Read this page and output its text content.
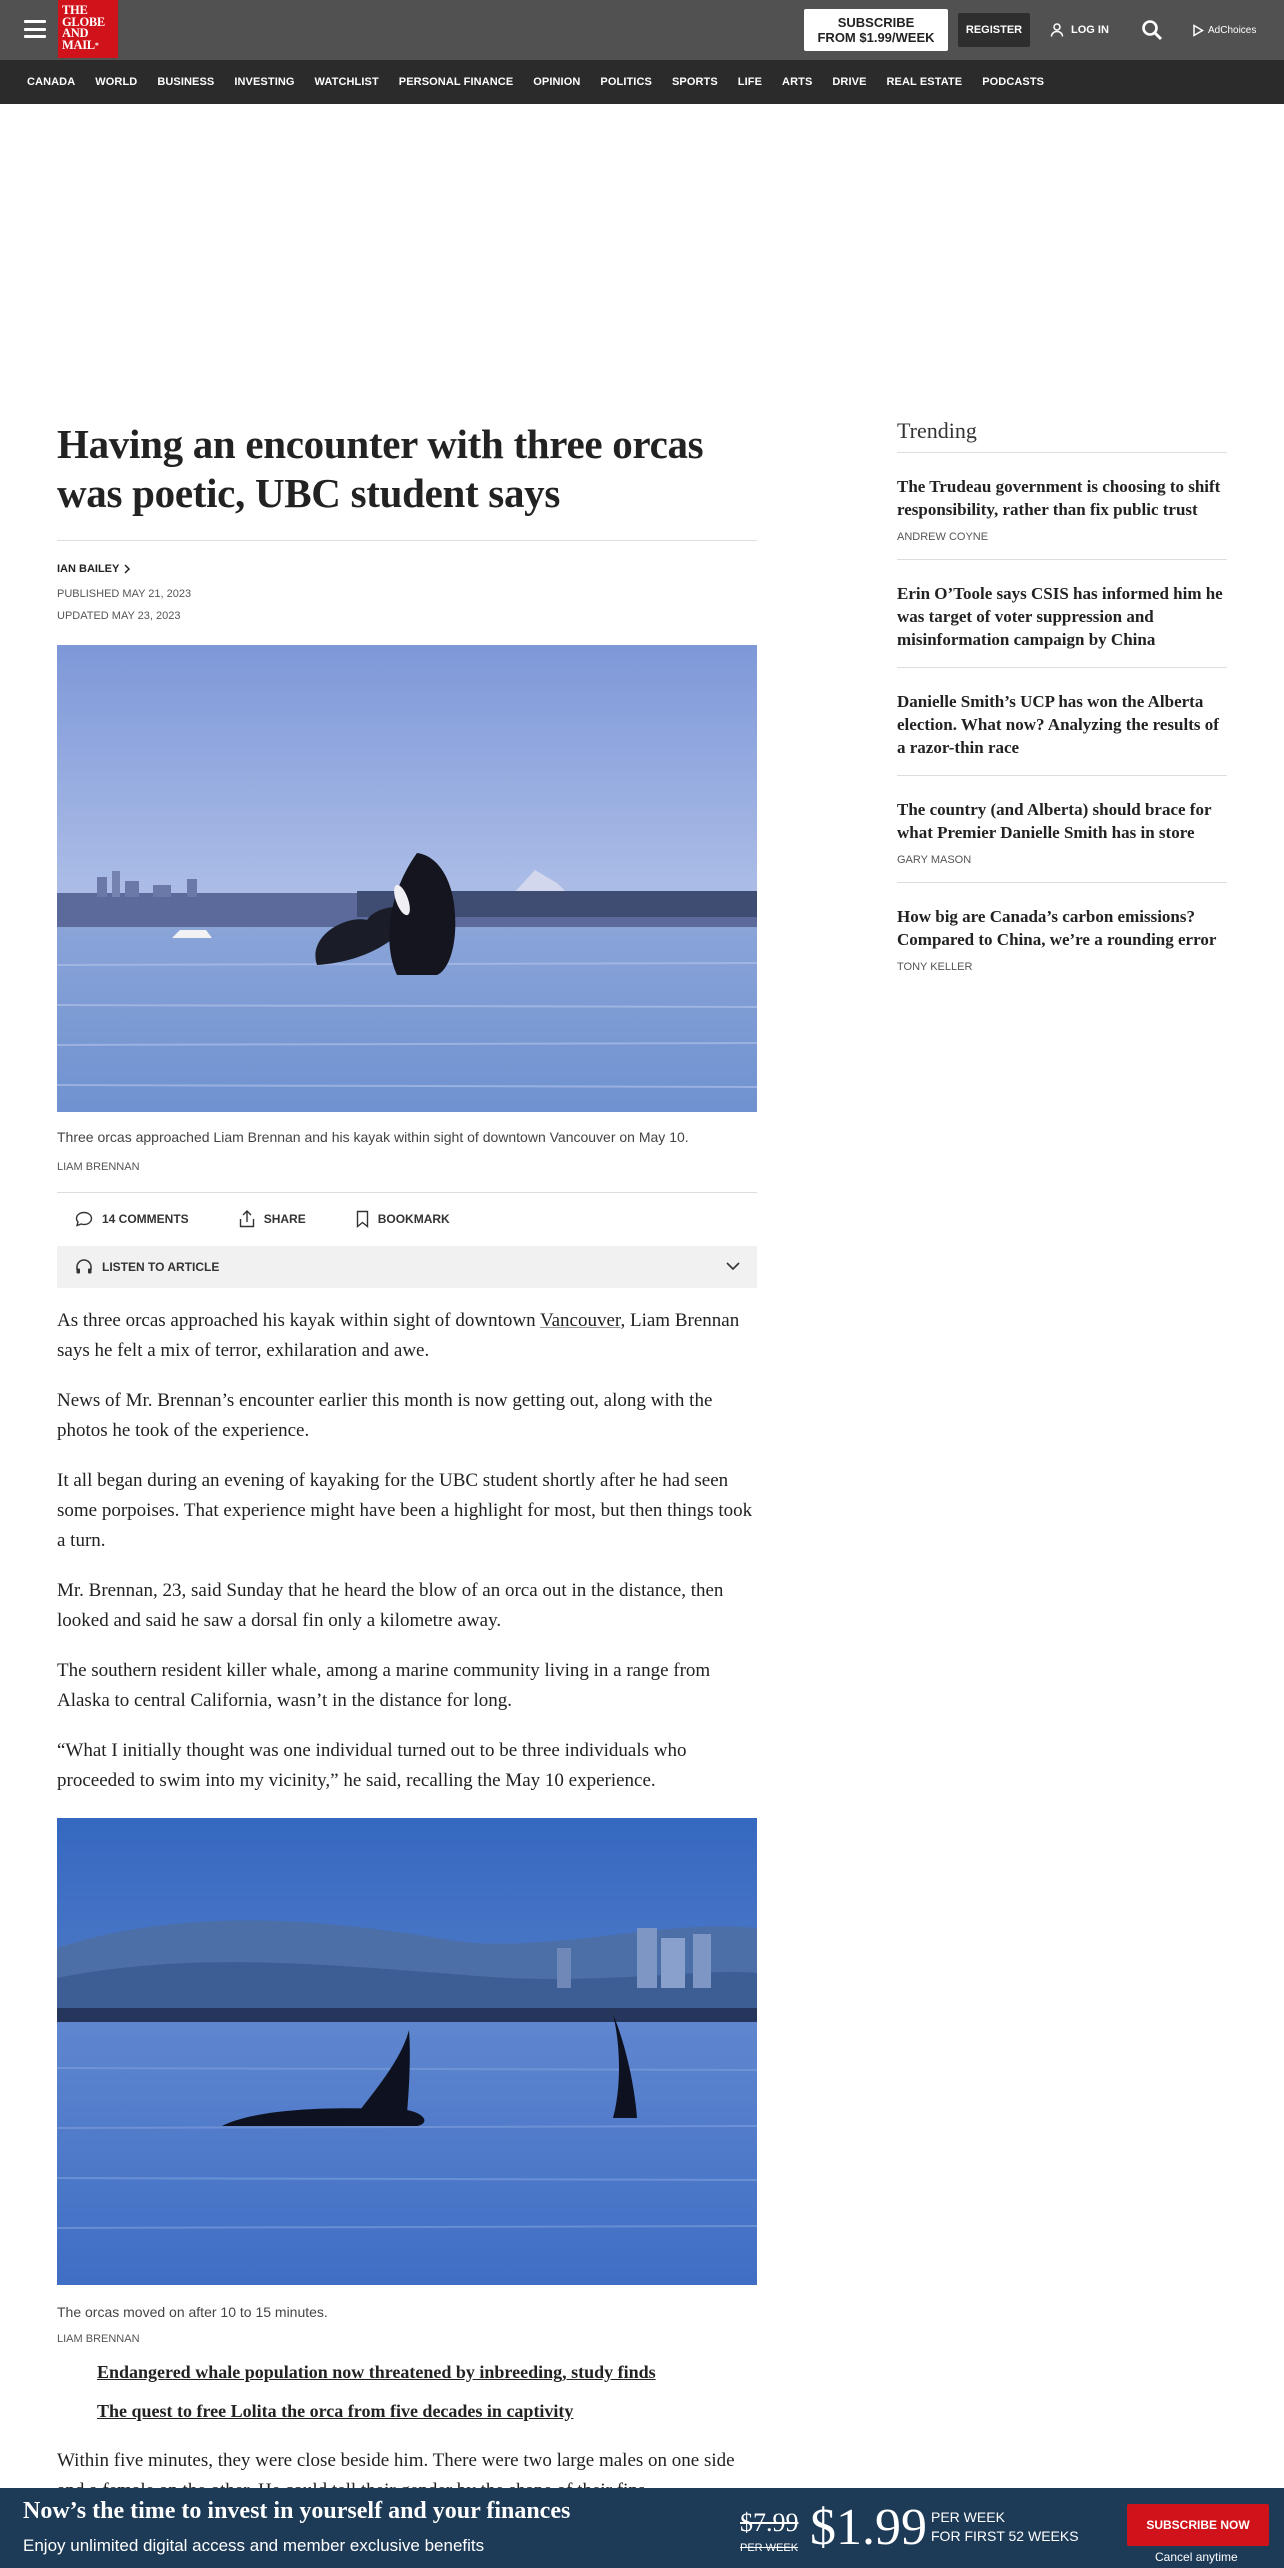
THE
GLOBE
AND
MAIL*
SUBSCRIBE
FROM $1.99/WEEK	REGISTER	LOG IN	AdChoices
CANADA WORLD BUSINESS INVESTING WATCHLIST PERSONAL FINANCE OPINION POLITICS SPORTS LIFE ARTS DRIVE REAL ESTATE PODCASTS
Having an encounter with three orcas was poetic, UBC student says
IAN BAILEY
PUBLISHED MAY 21, 2023
UPDATED MAY 23, 2023
Three orcas approached Liam Brennan and his kayak within sight of downtown Vancouver on May 10.
LIAM BRENNAN
14 COMMENTS	SHARE	BOOKMARK
LISTEN TO ARTICLE

As three orcas approached his kayak within sight of downtown Vancouver, Liam Brennan says he felt a mix of terror, exhilaration and awe.

News of Mr. Brennan’s encounter earlier this month is now getting out, along with the photos he took of the experience.

It all began during an evening of kayaking for the UBC student shortly after he had seen some porpoises. That experience might have been a highlight for most, but then things took a turn.

Mr. Brennan, 23, said Sunday that he heard the blow of an orca out in the distance, then looked and said he saw a dorsal fin only a kilometre away.

The southern resident killer whale, among a marine community living in a range from Alaska to central California, wasn’t in the distance for long.

“What I initially thought was one individual turned out to be three individuals who proceeded to swim into my vicinity,” he said, recalling the May 10 experience.

The orcas moved on after 10 to 15 minutes.
LIAM BRENNAN
Endangered whale population now threatened by inbreeding, study finds
The quest to free Lolita the orca from five decades in captivity
Within five minutes, they were close beside him. There were two large males on one side
Trending
The Trudeau government is choosing to shift responsibility, rather than fix public trust
ANDREW COYNE
Erin O’Toole says CSIS has informed him he was target of voter suppression and misinformation campaign by China
Danielle Smith’s UCP has won the Alberta election. What now? Analyzing the results of a razor-thin race
The country (and Alberta) should brace for what Premier Danielle Smith has in store
GARY MASON
How big are Canada’s carbon emissions? Compared to China, we’re a rounding error
TONY KELLER
Now’s the time to invest in yourself and your finances
Enjoy unlimited digital access and member exclusive benefits
$7.99
PER WEEK $1.99 PER WEEK
FOR FIRST 52 WEEKS
SUBSCRIBE NOW
Cancel anytime
